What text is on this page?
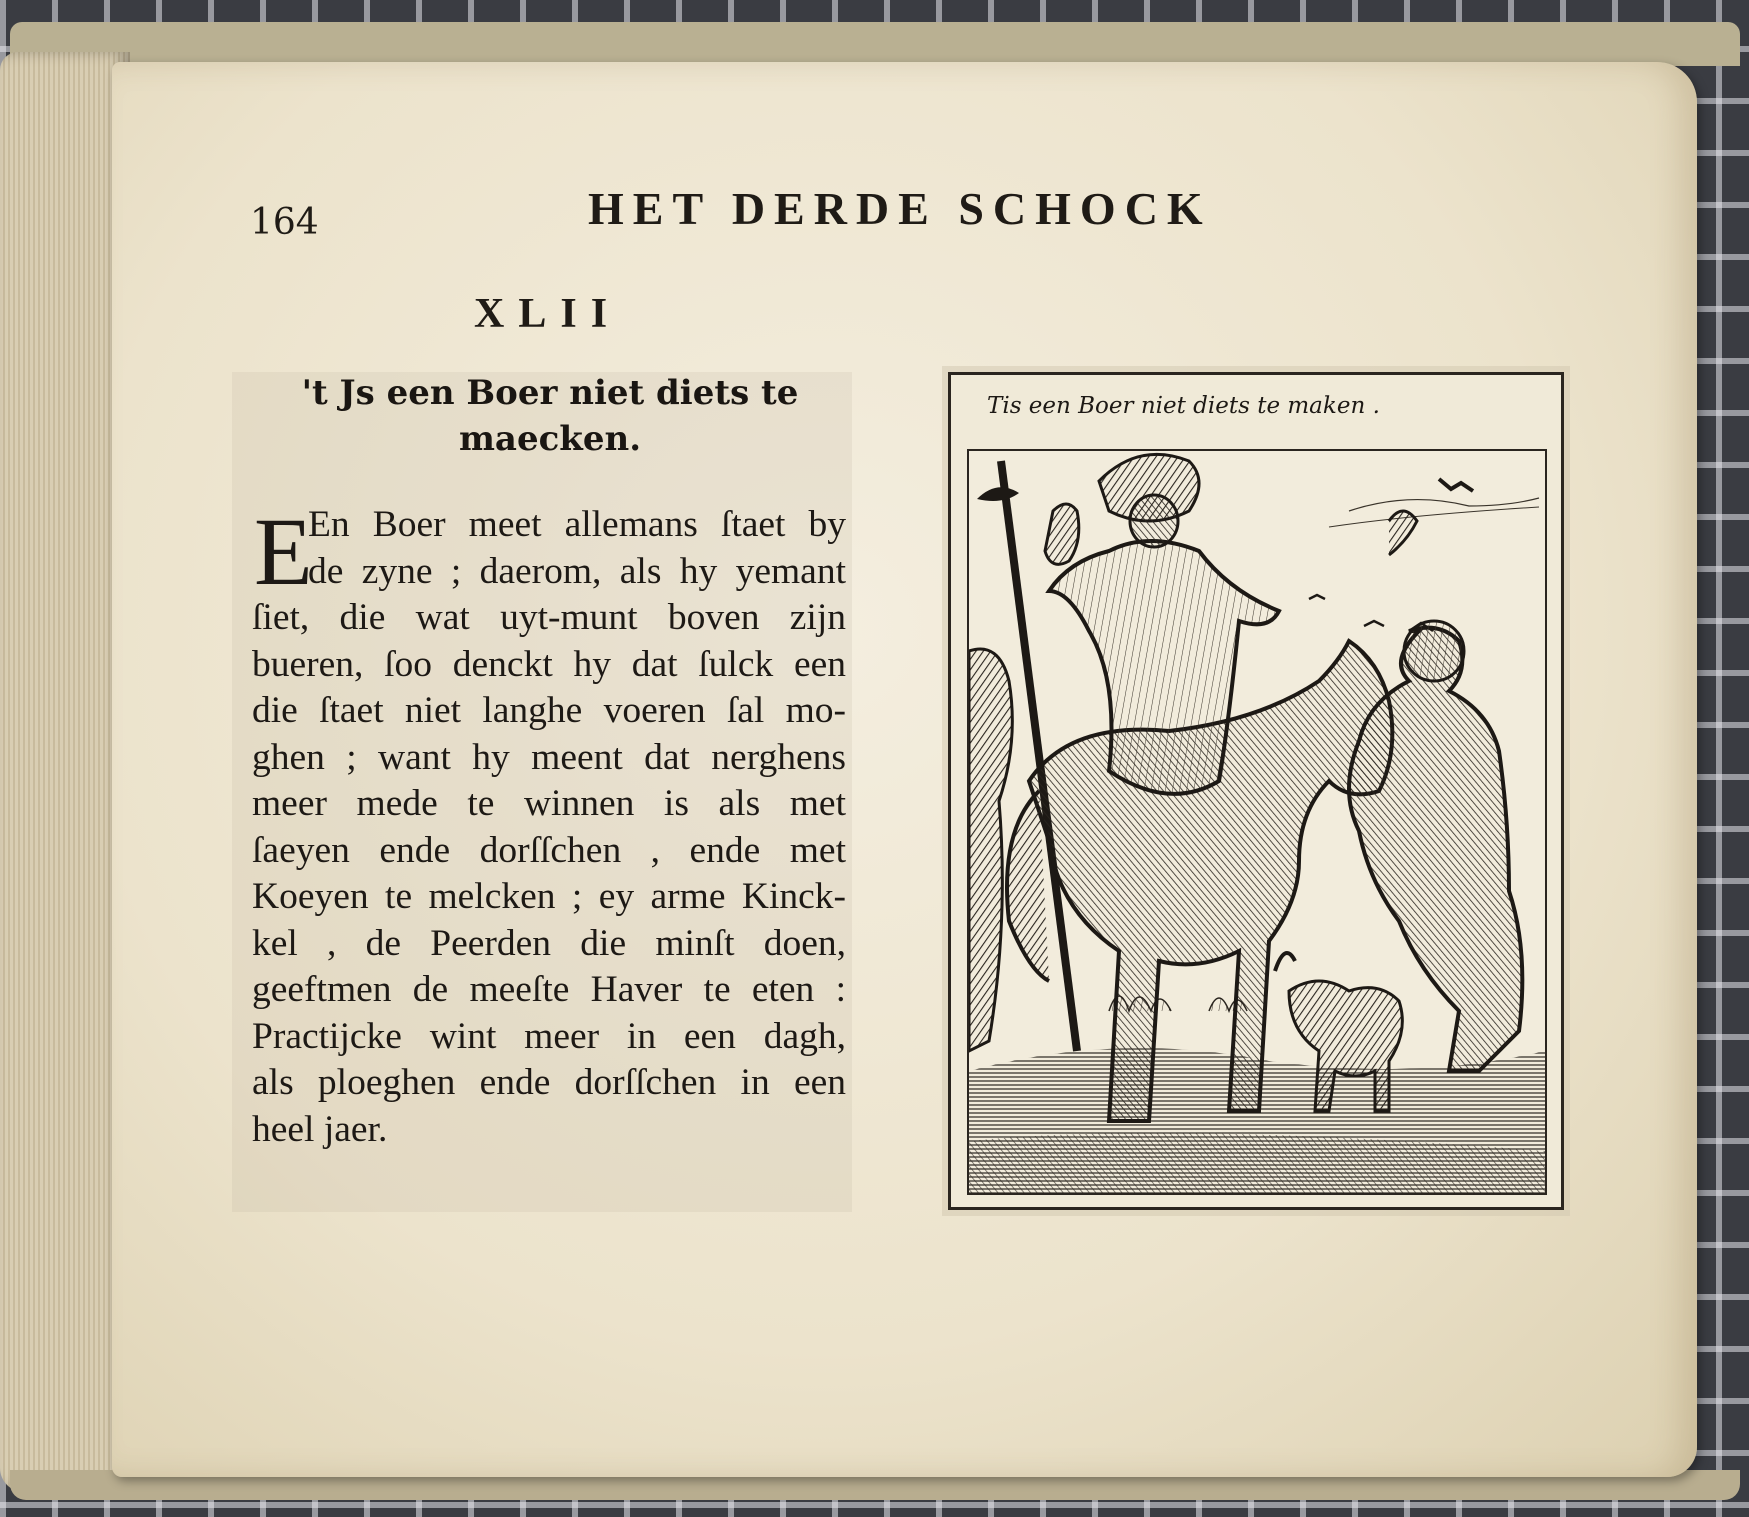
164	HET DERDE SCHOCK
XLII
't Js een Boer niet diets te
maecken.
E
En Boer meet allemans ſtaet by
de zyne ; daerom, als hy yemant
ſiet, die wat uyt-munt boven zijn
bueren, ſoo denckt hy dat ſulck een
die ſtaet niet langhe voeren ſal mo-
ghen ; want hy meent dat nerghens
meer mede te winnen is als met
ſaeyen ende dorſſchen , ende met
Koeyen te melcken ; ey arme Kinck-
kel , de Peerden die minſt doen,
geeftmen de meeſte Haver te eten :
Practijcke wint meer in een dagh,
als ploeghen ende dorſſchen in een
heel jaer.

Tis een Boer niet diets te maken .
